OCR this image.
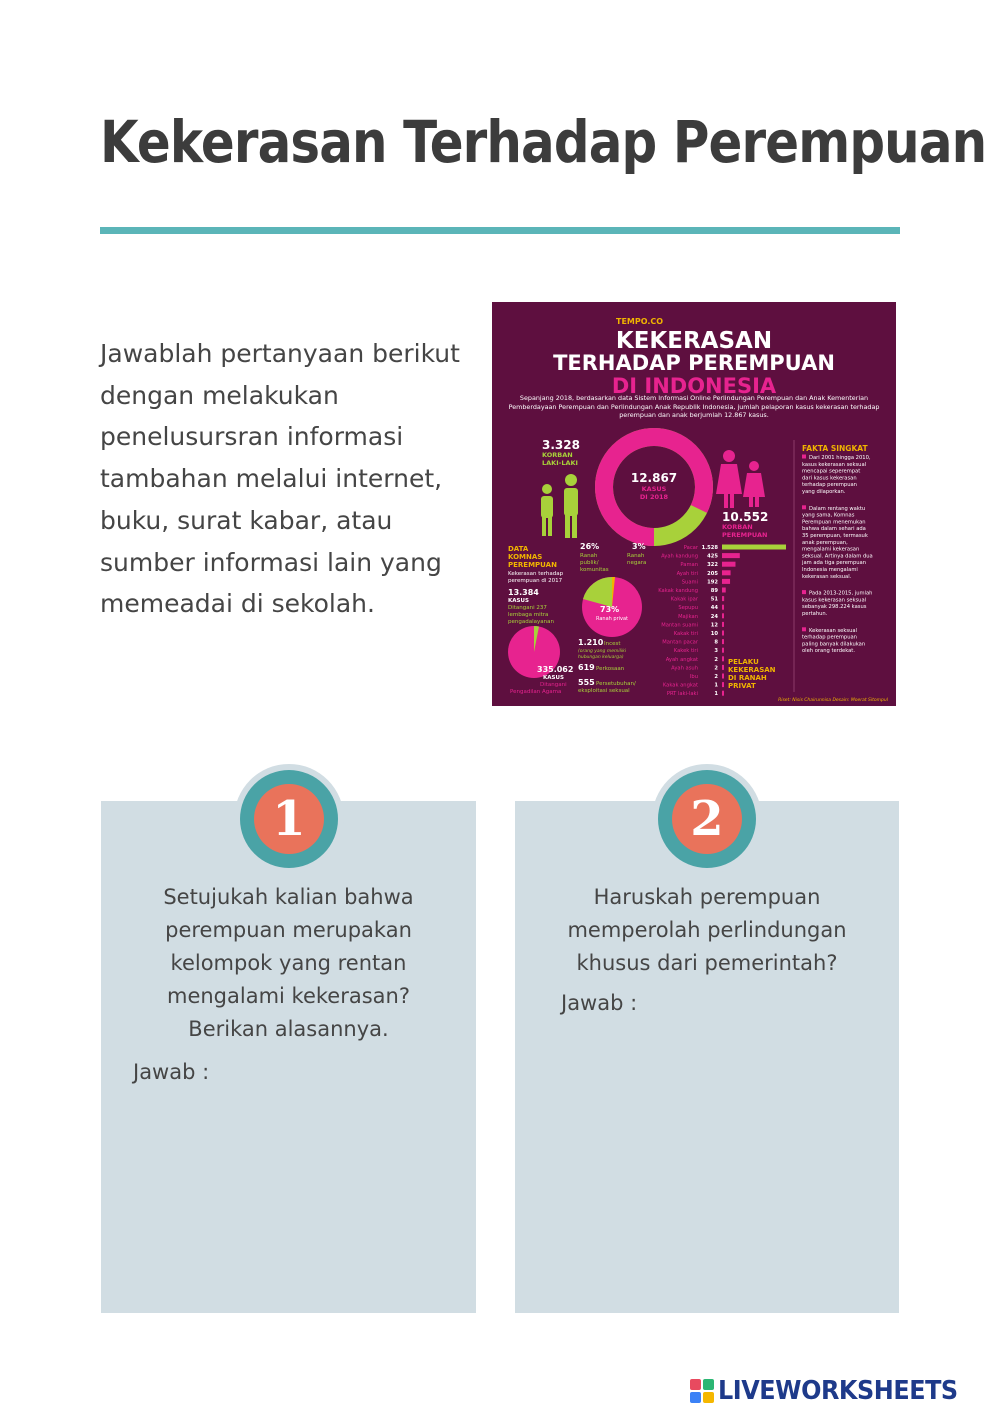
Kekerasan Terhadap Perempuan

Jawablah pertanyaan berikut dengan melakukan penelusursran informasi tambahan melalui internet, buku, surat kabar, atau sumber informasi lain yang memeadai di sekolah.

TEMPO.CO
KEKERASAN
TERHADAP PEREMPUAN
DI INDONESIA
Sepanjang 2018, berdasarkan data Sistem Informasi Online Perlindungan Perempuan dan Anak Kementerian Pemberdayaan Perempuan dan Perlindungan Anak Republik Indonesia, jumlah pelaporan kasus kekerasan terhadap perempuan dan anak berjumlah 12.867 kasus.
3.328
KORBAN
LAKI-LAKI
12.867
KASUS
DI 2018
10.552
KORBAN
PEREMPUAN
FAKTA SINGKAT
Dari 2001 hingga 2010,
kasus kekerasan seksual
mencapai seperempat
dari kasus kekerasan
terhadap perempuan
yang dilaporkan.
Dalam rentang waktu
yang sama, Komnas
Perempuan menemukan
bahwa dalam sehari ada
35 perempuan, termasuk
anak perempuan,
mengalami kekerasan
seksual. Artinya dalam dua
jam ada tiga perempuan
Indonesia mengalami
kekerasan seksual.
Pada 2013-2015, jumlah
kasus kekerasan seksual
sebanyak 298.224 kasus
pertahun.
Kekerasan seksual
terhadap perempuan
paling banyak dilakukan
oleh orang terdekat.
DATA
KOMNAS
PEREMPUAN
Kekerasan terhadap
perempuan di 2017
26%
Ranah
publik/
komunitas
3%
Ranah
negara
73%
Ranah privat
13.384
KASUS
Ditangani 237
lembaga mitra
pengadalayanan
335.062
KASUS
Ditangani
Pengadilan Agama
1.210 Incest
(orang yang memiliki
hubungan keluarga)
619 Perkosaan
555 Persetubuhan/
eksploitasi seksual
Pacar 1.528
Ayah kandung 425
Paman 322
Ayah tiri 205
Suami 192
Kakak kandung 89
Kakak ipar 51
Sepupu 44
Majikan 24
Mantan suami 12
Kakak tiri 10
Mantan pacar	8
Kakek tiri	3
Ayah angkat	2
Ayah asuh	2
Ibu	2
Kakak angkat	1
PRT laki-laki	1
PELAKU
KEKERASAN
DI RANAH
PRIVAT
Riset: Nisis Chairunnisa Desain: Moerat Sitompul
1
Setujukah kalian bahwa
perempuan merupakan
kelompok yang rentan
mengalami kekerasan?
Berikan alasannya.

Jawab :

2
Haruskah perempuan
memperolah perlindungan
khusus dari pemerintah?

Jawab :

LIVEWORKSHEETS
